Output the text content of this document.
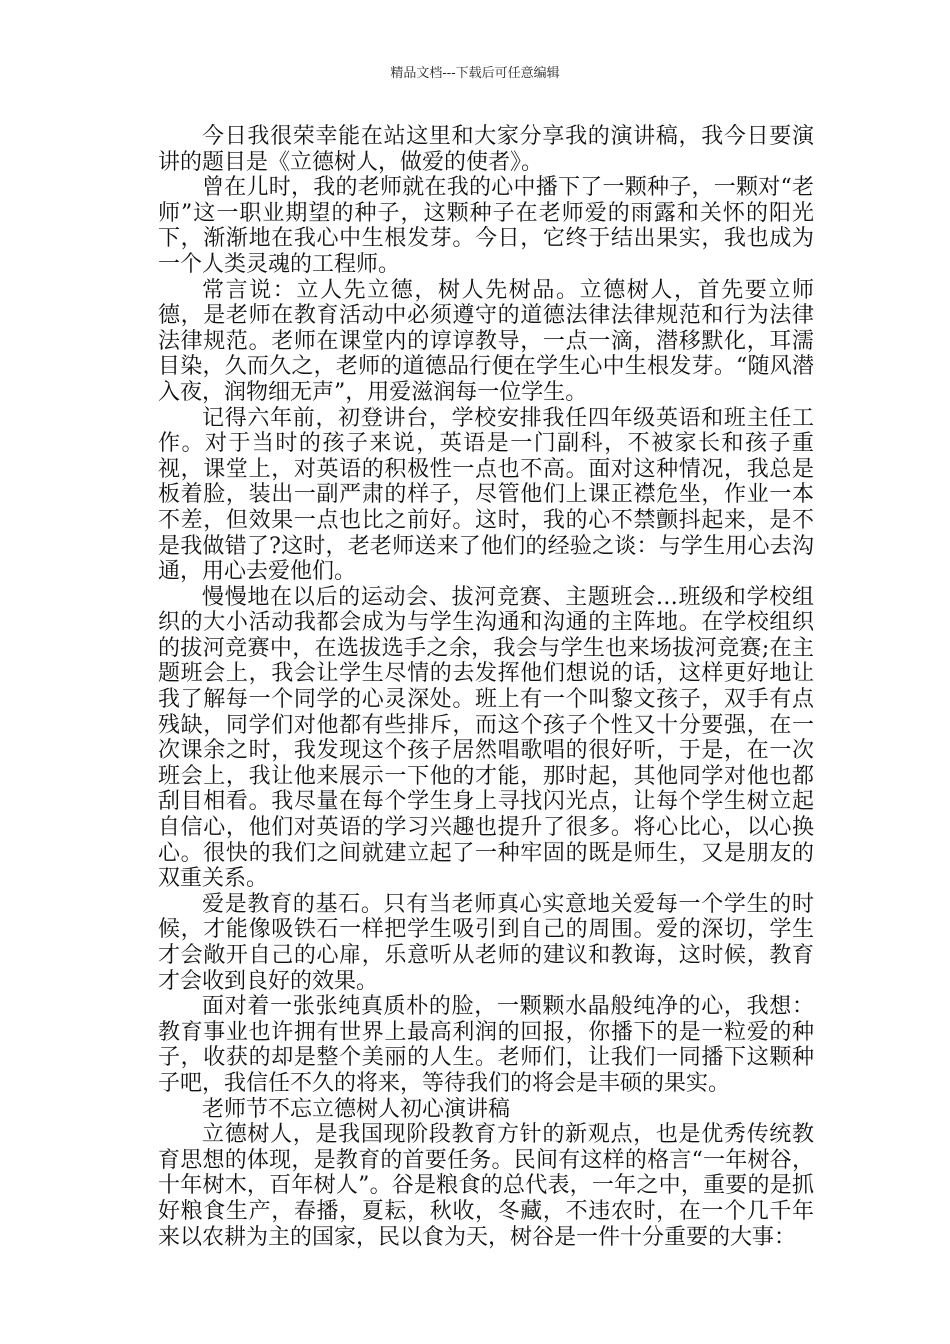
精品文档---下载后可任意编辑

今日我很荣幸能在站这里和大家分享我的演讲稿，我今日要演讲的题目是《立德树人，做爱的使者》。

曾在儿时，我的老师就在我的心中播下了一颗种子，一颗对“老师”这一职业期望的种子，这颗种子在老师爱的雨露和关怀的阳光下，渐渐地在我心中生根发芽。今日，它终于结出果实，我也成为一个人类灵魂的工程师。

常言说：立人先立德，树人先树品。立德树人，首先要立师德，是老师在教育活动中必须遵守的道德法律法律规范和行为法律法律规范。老师在课堂内的谆谆教导，一点一滴，潜移默化，耳濡目染，久而久之，老师的道德品行便在学生心中生根发芽。“随风潜入夜，润物细无声”，用爱滋润每一位学生。

记得六年前，初登讲台，学校安排我任四年级英语和班主任工作。对于当时的孩子来说，英语是一门副科，不被家长和孩子重视，课堂上，对英语的积极性一点也不高。面对这种情况，我总是板着脸，装出一副严肃的样子，尽管他们上课正襟危坐，作业一本不差，但效果一点也比之前好。这时，我的心不禁颤抖起来，是不是我做错了?这时，老老师送来了他们的经验之谈：与学生用心去沟通，用心去爱他们。

慢慢地在以后的运动会、拔河竞赛、主题班会…班级和学校组织的大小活动我都会成为与学生沟通和沟通的主阵地。在学校组织的拔河竞赛中，在选拔选手之余，我会与学生也来场拔河竞赛;在主题班会上，我会让学生尽情的去发挥他们想说的话，这样更好地让我了解每一个同学的心灵深处。班上有一个叫黎文孩子，双手有点残缺，同学们对他都有些排斥，而这个孩子个性又十分要强，在一次课余之时，我发现这个孩子居然唱歌唱的很好听，于是，在一次班会上，我让他来展示一下他的才能，那时起，其他同学对他也都刮目相看。我尽量在每个学生身上寻找闪光点，让每个学生树立起自信心，他们对英语的学习兴趣也提升了很多。将心比心，以心换心。很快的我们之间就建立起了一种牢固的既是师生，又是朋友的双重关系。

爱是教育的基石。只有当老师真心实意地关爱每一个学生的时候，才能像吸铁石一样把学生吸引到自己的周围。爱的深切，学生才会敞开自己的心扉，乐意听从老师的建议和教诲，这时候，教育才会收到良好的效果。

面对着一张张纯真质朴的脸，一颗颗水晶般纯净的心，我想：教育事业也许拥有世界上最高利润的回报，你播下的是一粒爱的种子，收获的却是整个美丽的人生。老师们，让我们一同播下这颗种子吧，我信任不久的将来，等待我们的将会是丰硕的果实。

老师节不忘立德树人初心演讲稿

立德树人，是我国现阶段教育方针的新观点，也是优秀传统教育思想的体现，是教育的首要任务。民间有这样的格言“一年树谷，十年树木，百年树人”。谷是粮食的总代表，一年之中，重要的是抓好粮食生产，春播，夏耘，秋收，冬藏，不违农时，在一个几千年来以农耕为主的国家，民以食为天，树谷是一件十分重要的大事：
